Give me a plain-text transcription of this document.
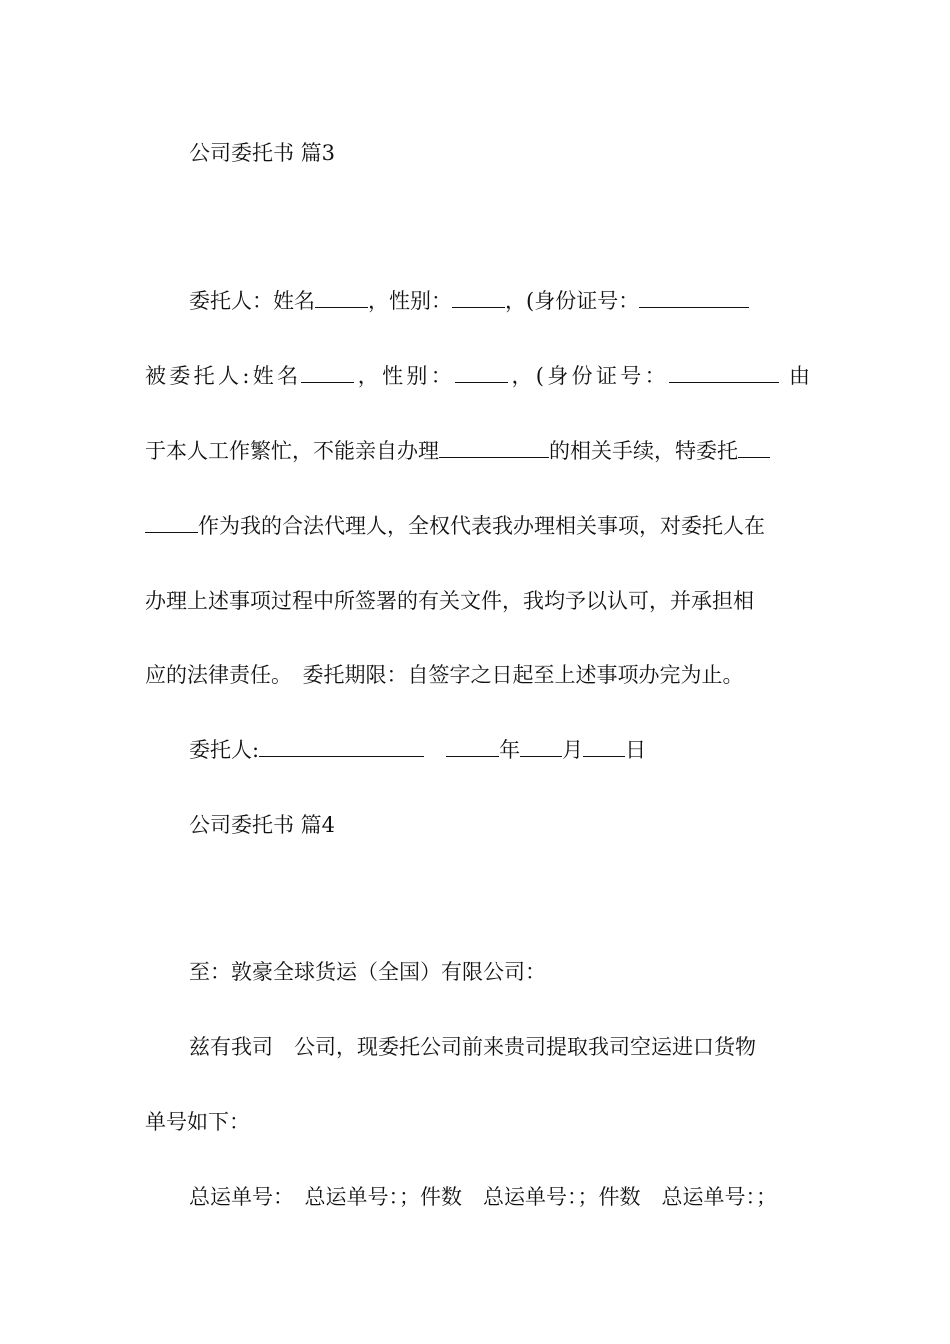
公司委托书 篇3

委托人：姓名	，性别：	，(身份证号：

被委托人:姓名	，性别：	，(身份证号：	由

于本人工作繁忙，不能亲自办理	的相关手续，特委托

作为我的合法代理人，全权代表我办理相关事项，对委托人在

办理上述事项过程中所签署的有关文件，我均予以认可，并承担相

应的法律责任。　委托期限：自签字之日起至上述事项办完为止。

委托人:	年 月 日

公司委托书 篇4

至：敦豪全球货运（全国）有限公司：

兹有我司　公司，现委托公司前来贵司提取我司空运进口货物

单号如下：

总运单号：　总运单号：；件数　总运单号：；件数　总运单号：；
